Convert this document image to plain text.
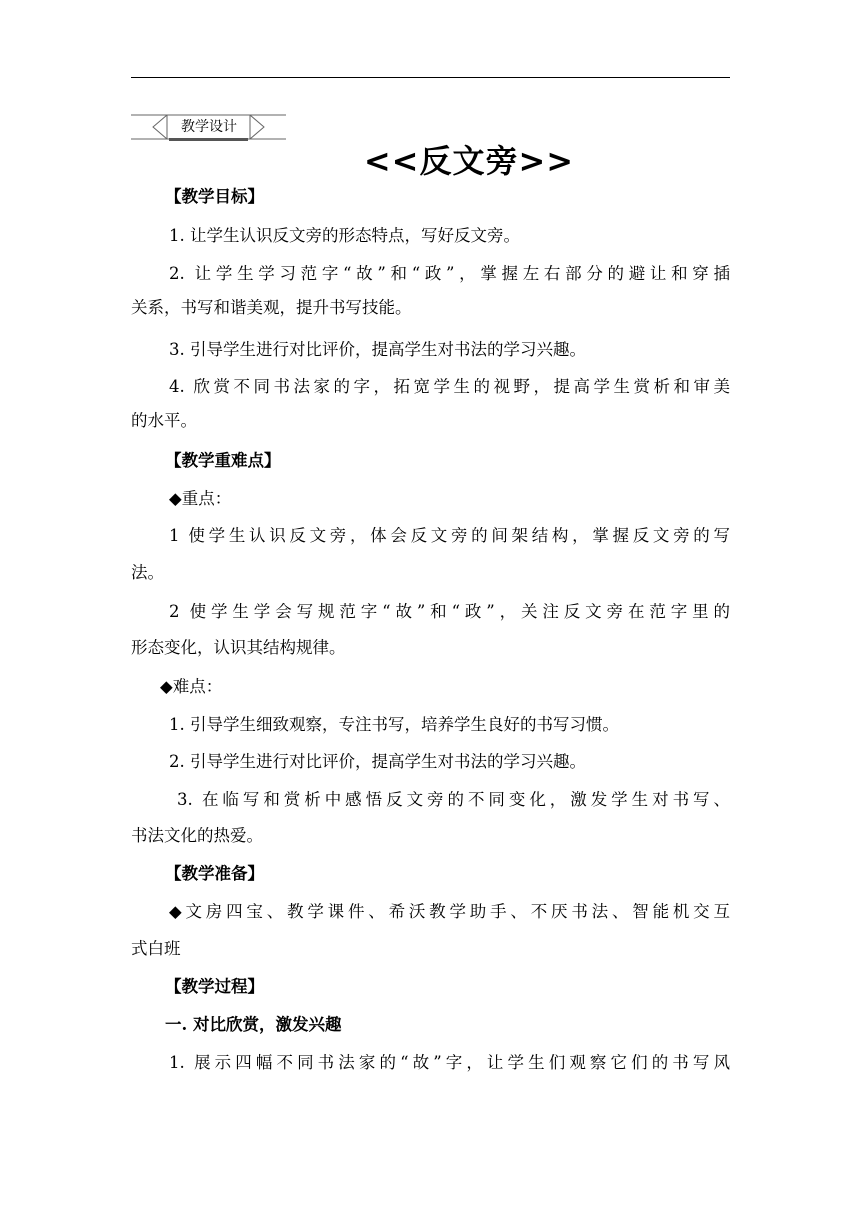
教学设计
<<反文旁>>
【教学目标】
1. 让学生认识反文旁的形态特点，写好反文旁。
2. 让学生学习范字“故”和“政”，掌握左右部分的避让和穿插
关系，书写和谐美观，提升书写技能。
3. 引导学生进行对比评价，提高学生对书法的学习兴趣。
4. 欣赏不同书法家的字，拓宽学生的视野，提高学生赏析和审美
的水平。
【教学重难点】
◆重点：
1 使学生认识反文旁，体会反文旁的间架结构，掌握反文旁的写
法。
2 使学生学会写规范字“故”和“政”，关注反文旁在范字里的
形态变化，认识其结构规律。
◆难点：
1. 引导学生细致观察，专注书写，培养学生良好的书写习惯。
2. 引导学生进行对比评价，提高学生对书法的学习兴趣。
3. 在临写和赏析中感悟反文旁的不同变化，激发学生对书写、
书法文化的热爱。
【教学准备】
◆文房四宝、教学课件、希沃教学助手、不厌书法、智能机交互
式白班
【教学过程】
一. 对比欣赏，激发兴趣
1. 展示四幅不同书法家的“故”字，让学生们观察它们的书写风
